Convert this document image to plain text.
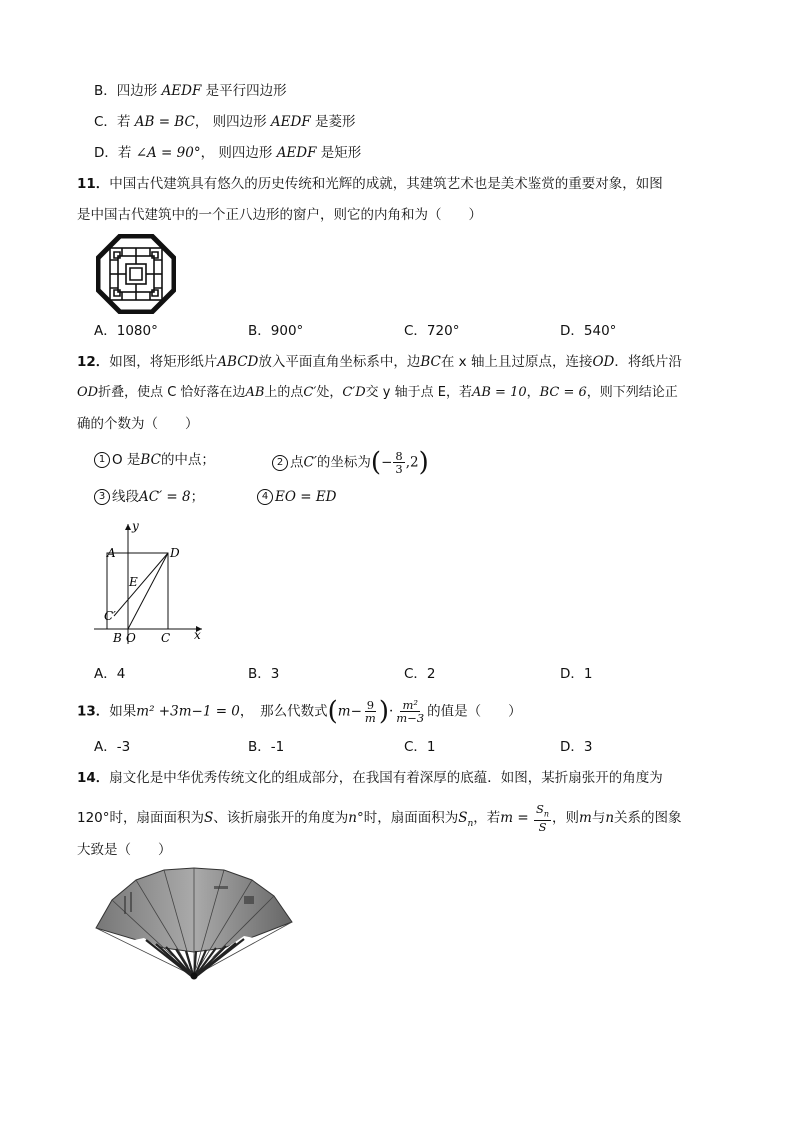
B．四边形 AEDF 是平行四边形
C．若 AB = BC， 则四边形 AEDF 是菱形
D．若 ∠A = 90°， 则四边形 AEDF 是矩形
11．中国古代建筑具有悠久的历史传统和光辉的成就，其建筑艺术也是美术鉴赏的重要对象，如图
是中国古代建筑中的一个正八边形的窗户，则它的内角和为（　　）
A．1080°	B．900°	C．720°	D．540°
12．如图，将矩形纸片ABCD放入平面直角坐标系中，边BC在 x 轴上且过原点，连接OD．将纸片沿
OD折叠，使点 C 恰好落在边AB上的点C′处，C′D交 y 轴于点 E，若AB = 10，BC = 6，则下列结论正
确的个数为（　　）
1 O 是BC的中点；	2 点C′的坐标为(− $\frac{8}{3} ,2$)
3 线段AC′ = 8；	4 EO = ED
y
x
A	D
E
C′
B O C
A．4	B．3	C．2	D．1
13．如果m² +3m−1 = 0，　那么代数式($m- \frac{9}{m}$ )· $\frac{\text{m²}}{m-3}$ 的值是（　　）
A．-3	B．-1	C．1	D．3
14．扇文化是中华优秀传统文化的组成部分，在我国有着深厚的底蕴．如图，某折扇张开的角度为
120°时，扇面面积为S、该折扇张开的角度为n°时，扇面面积为$S_n$，若$m = \frac{S_n}{S}$ ，则m与n关系的图象
大致是（　　）
